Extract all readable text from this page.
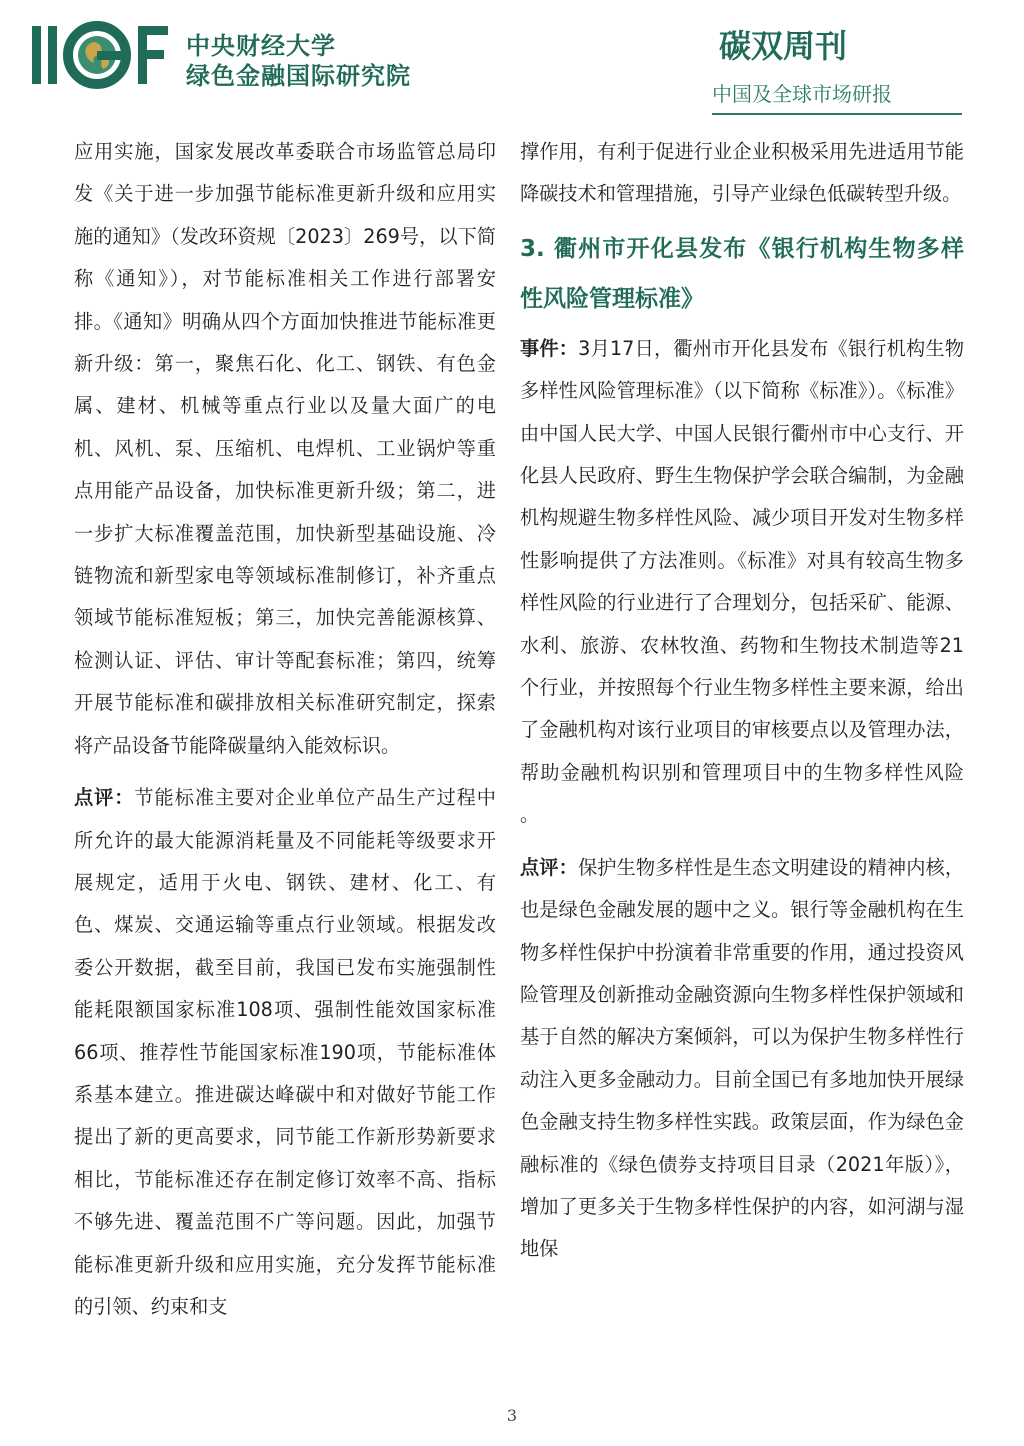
中央财经大学
绿色金融国际研究院
碳双周刊
中国及全球市场研报

应用实施，国家发展改革委联合市场监管总局印发《关于进一步加强节能标准更新升级和应用实施的通知》（发改环资规〔2023〕269号，以下简称《通知》），对节能标准相关工作进行部署安排。《通知》明确从四个方面加快推进节能标准更新升级：第一，聚焦石化、化工、钢铁、有色金属、建材、机械等重点行业以及量大面广的电机、风机、泵、压缩机、电焊机、工业锅炉等重点用能产品设备，加快标准更新升级；第二，进一步扩大标准覆盖范围，加快新型基础设施、冷链物流和新型家电等领域标准制修订，补齐重点领域节能标准短板；第三，加快完善能源核算、检测认证、评估、审计等配套标准；第四，统筹开展节能标准和碳排放相关标准研究制定，探索将产品设备节能降碳量纳入能效标识。

点评：节能标准主要对企业单位产品生产过程中所允许的最大能源消耗量及不同能耗等级要求开展规定，适用于火电、钢铁、建材、化工、有色、煤炭、交通运输等重点行业领域。根据发改委公开数据，截至目前，我国已发布实施强制性能耗限额国家标准108项、强制性能效国家标准66项、推荐性节能国家标准190项，节能标准体系基本建立。推进碳达峰碳中和对做好节能工作提出了新的更高要求，同节能工作新形势新要求相比，节能标准还存在制定修订效率不高、指标不够先进、覆盖范围不广等问题。因此，加强节能标准更新升级和应用实施，充分发挥节能标准的引领、约束和支

撑作用，有利于促进行业企业积极采用先进适用节能降碳技术和管理措施，引导产业绿色低碳转型升级。

3. 衢州市开化县发布《银行机构生物多样性风险管理标准》

事件：3月17日，衢州市开化县发布《银行机构生物多样性风险管理标准》（以下简称《标准》）。《标准》由中国人民大学、中国人民银行衢州市中心支行、开化县人民政府、野生生物保护学会联合编制，为金融机构规避生物多样性风险、减少项目开发对生物多样性影响提供了方法准则。《标准》对具有较高生物多样性风险的行业进行了合理划分，包括采矿、能源、水利、旅游、农林牧渔、药物和生物技术制造等21个行业，并按照每个行业生物多样性主要来源，给出了金融机构对该行业项目的审核要点以及管理办法，帮助金融机构识别和管理项目中的生物多样性风险 。

点评：保护生物多样性是生态文明建设的精神内核，也是绿色金融发展的题中之义。银行等金融机构在生物多样性保护中扮演着非常重要的作用，通过投资风险管理及创新推动金融资源向生物多样性保护领域和基于自然的解决方案倾斜，可以为保护生物多样性行动注入更多金融动力。目前全国已有多地加快开展绿色金融支持生物多样性实践。政策层面，作为绿色金融标准的《绿色债券支持项目目录（2021年版）》，增加了更多关于生物多样性保护的内容，如河湖与湿地保

3
